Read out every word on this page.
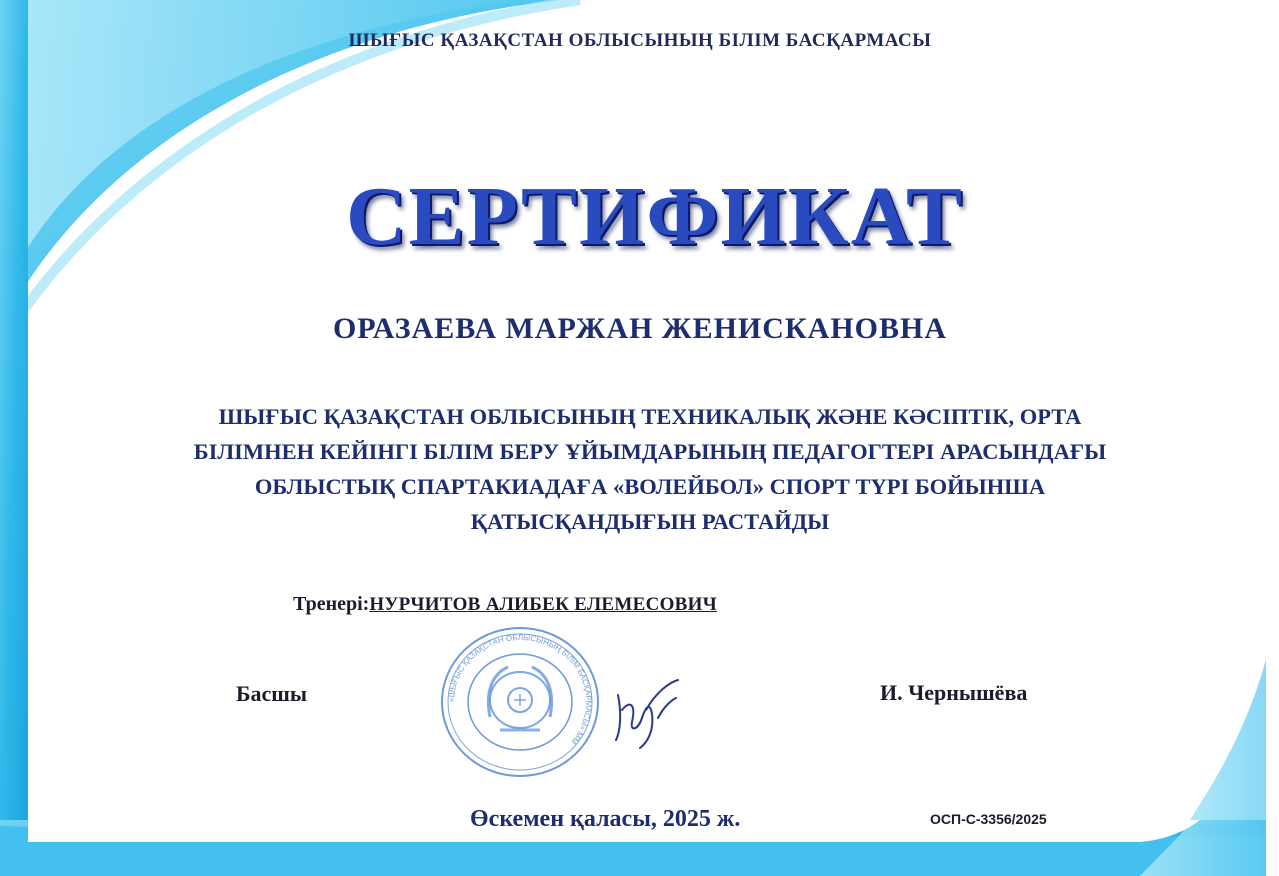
ШЫҒЫС ҚАЗАҚСТАН ОБЛЫСЫНЫҢ БІЛІМ БАСҚАРМАСЫ
СЕРТИФИКАТ
ОРАЗАЕВА МАРЖАН ЖЕНИСКАНОВНА
ШЫҒЫС ҚАЗАҚСТАН ОБЛЫСЫНЫҢ ТЕХНИКАЛЫҚ ЖӘНЕ КӘСІПТІК, ОРТА
БІЛІМНЕН КЕЙІНГІ БІЛІМ БЕРУ ҰЙЫМДАРЫНЫҢ ПЕДАГОГТЕРІ АРАСЫНДАҒЫ
ОБЛЫСТЫҚ СПАРТАКИАДАҒА «ВОЛЕЙБОЛ» СПОРТ ТҮРІ БОЙЫНША
ҚАТЫСҚАНДЫҒЫН РАСТАЙДЫ
Тренері:НУРЧИТОВ АЛИБЕК ЕЛЕМЕСОВИЧ
Басшы	«ШЫҒЫС ҚАЗАҚСТАН ОБЛЫСЫНЫҢ БІЛІМ БАСҚАРМАСЫ» ММ
И. Чернышёва
Өскемен қаласы, 2025 ж.	ОСП-С-3356/2025
